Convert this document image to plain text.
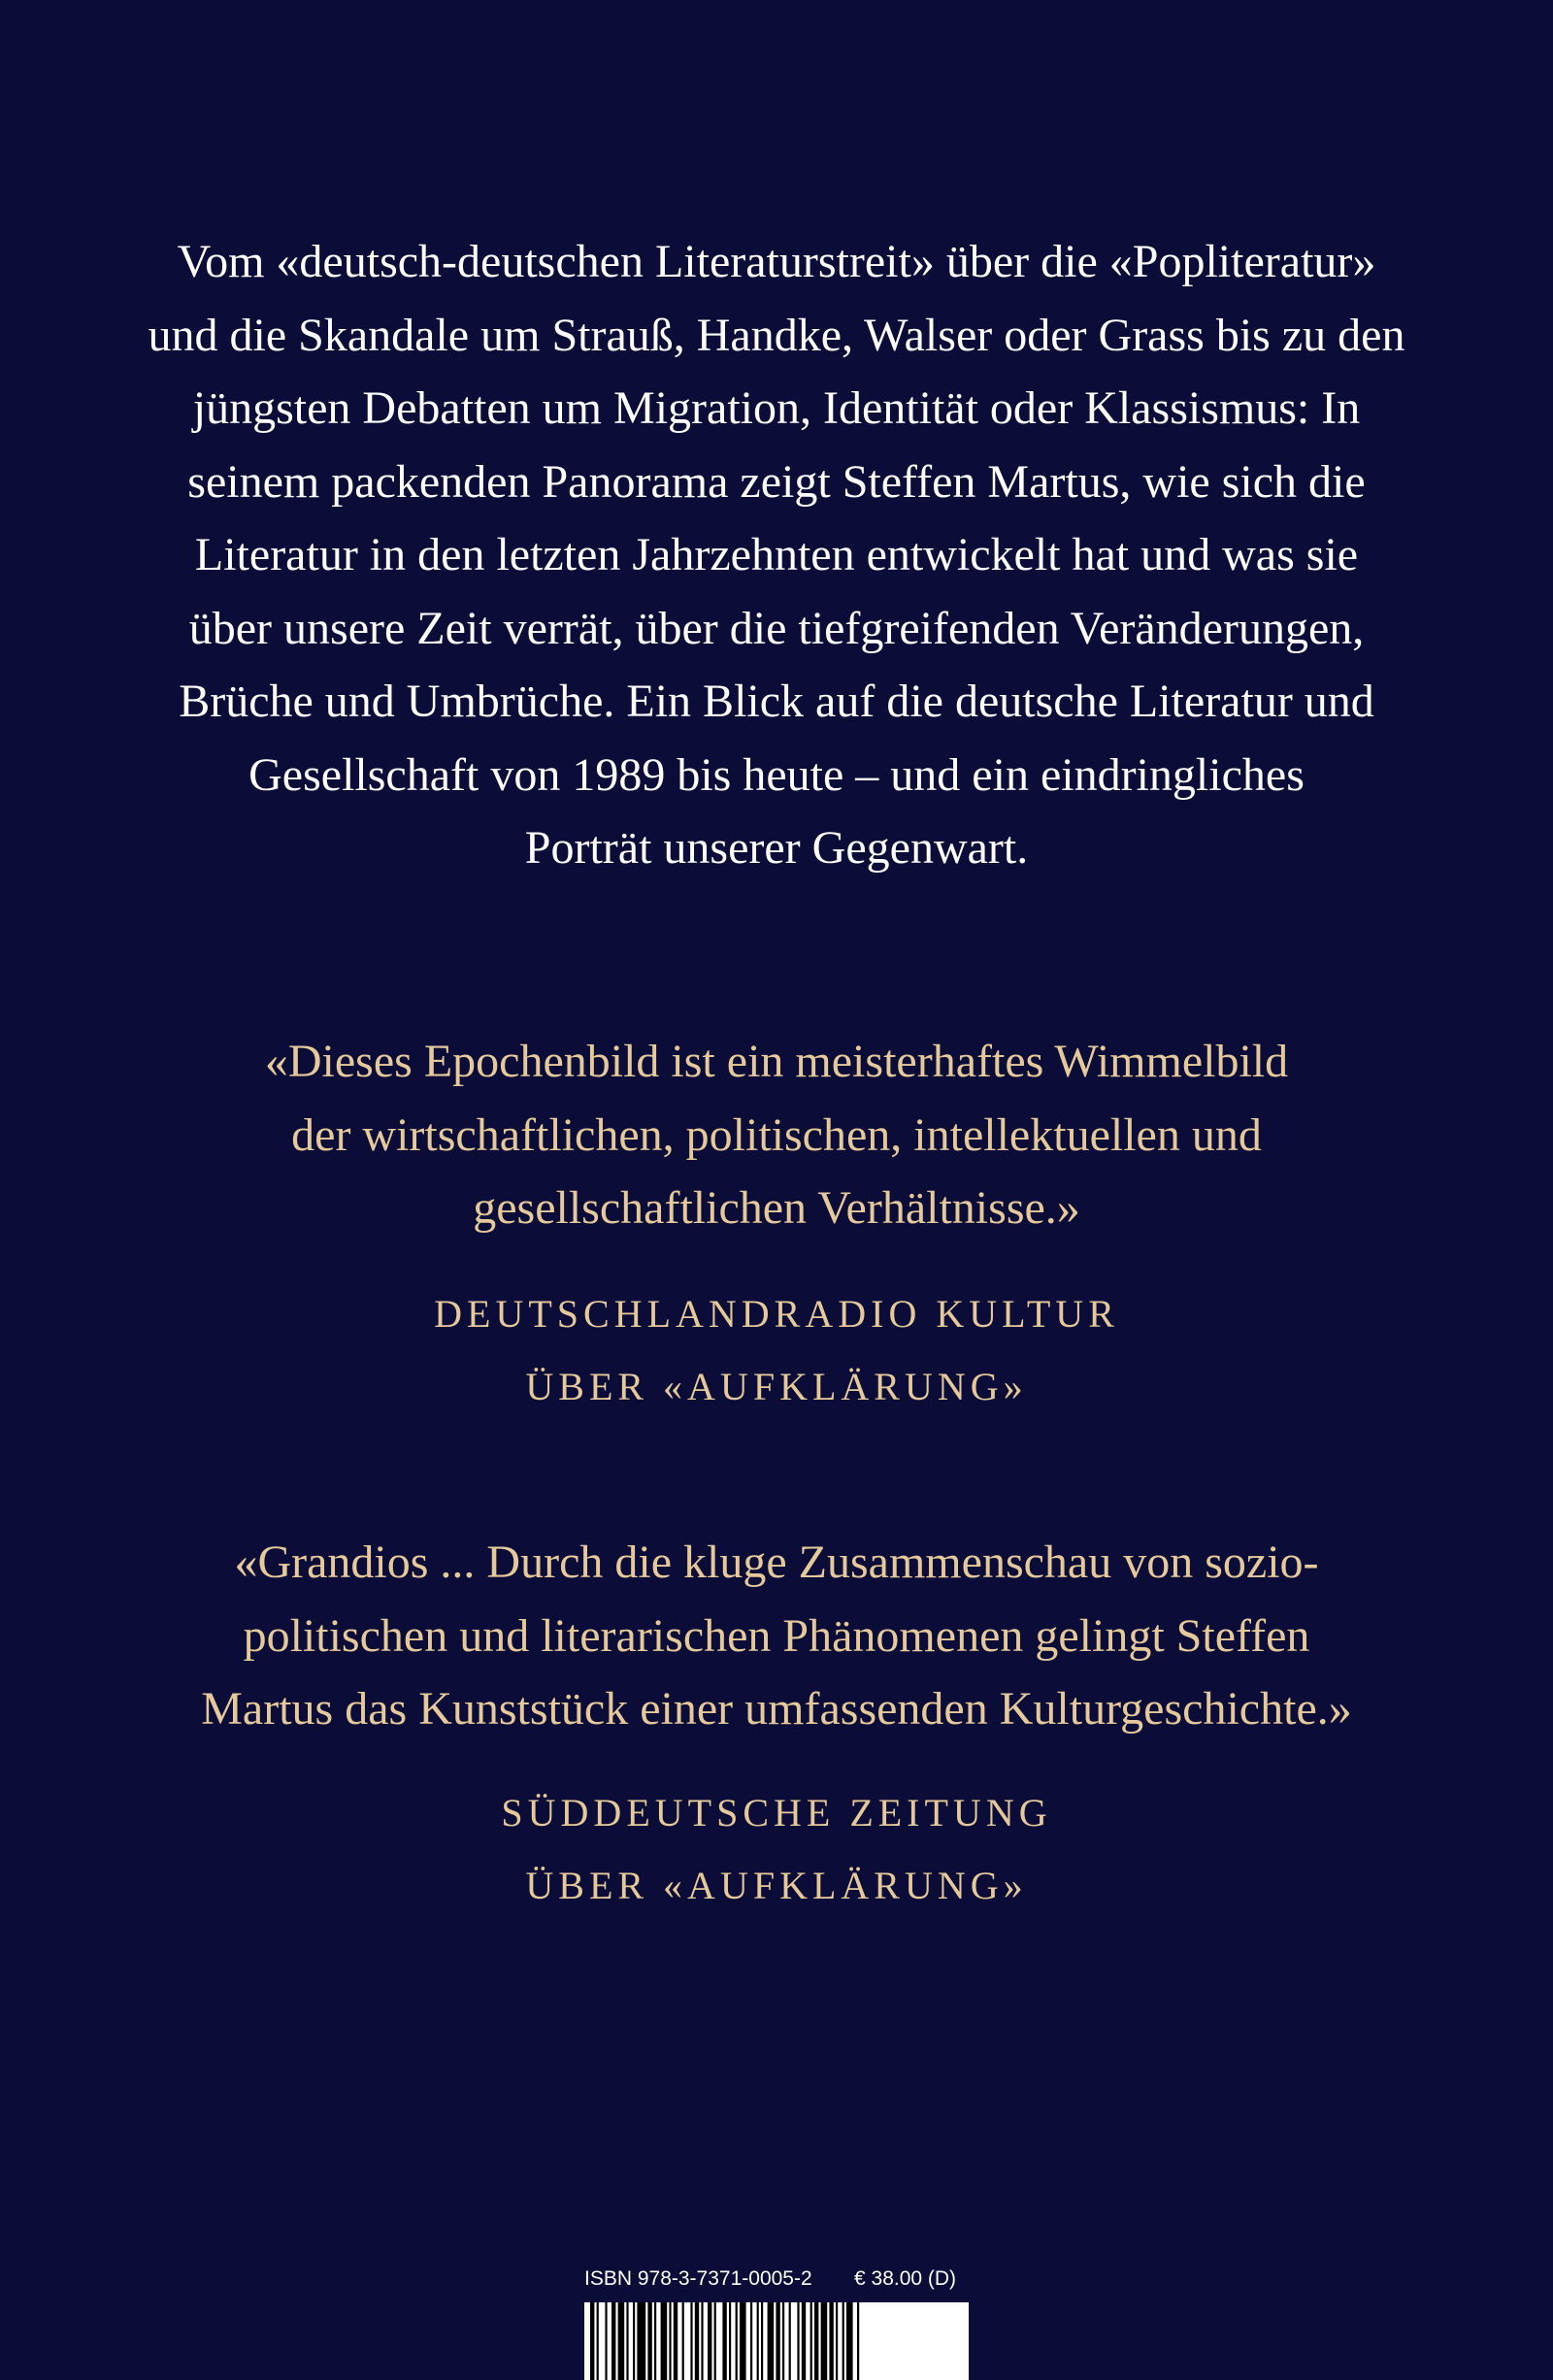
Vom «deutsch-deutschen Literaturstreit» über die «Popliteratur»
und die Skandale um Strauß, Handke, Walser oder Grass bis zu den
jüngsten Debatten um Migration, Identität oder Klassismus: In
seinem packenden Panorama zeigt Steffen Martus, wie sich die
Literatur in den letzten Jahrzehnten entwickelt hat und was sie
über unsere Zeit verrät, über die tiefgreifenden Veränderungen,
Brüche und Umbrüche. Ein Blick auf die deutsche Literatur und
Gesellschaft von 1989 bis heute – und ein eindringliches
Porträt unserer Gegenwart.
«Dieses Epochenbild ist ein meisterhaftes Wimmelbild
der wirtschaftlichen, politischen, intellektuellen und
gesellschaftlichen Verhältnisse.»
DEUTSCHLANDRADIO KULTUR
ÜBER «AUFKLÄRUNG»
«Grandios ... Durch die kluge Zusammenschau von sozio-
politischen und literarischen Phänomenen gelingt Steffen
Martus das Kunststück einer umfassenden Kulturgeschichte.»
SÜDDEUTSCHE ZEITUNG
ÜBER «AUFKLÄRUNG»
ISBN 978-3-7371-0005-2 € 38.00 (D)
